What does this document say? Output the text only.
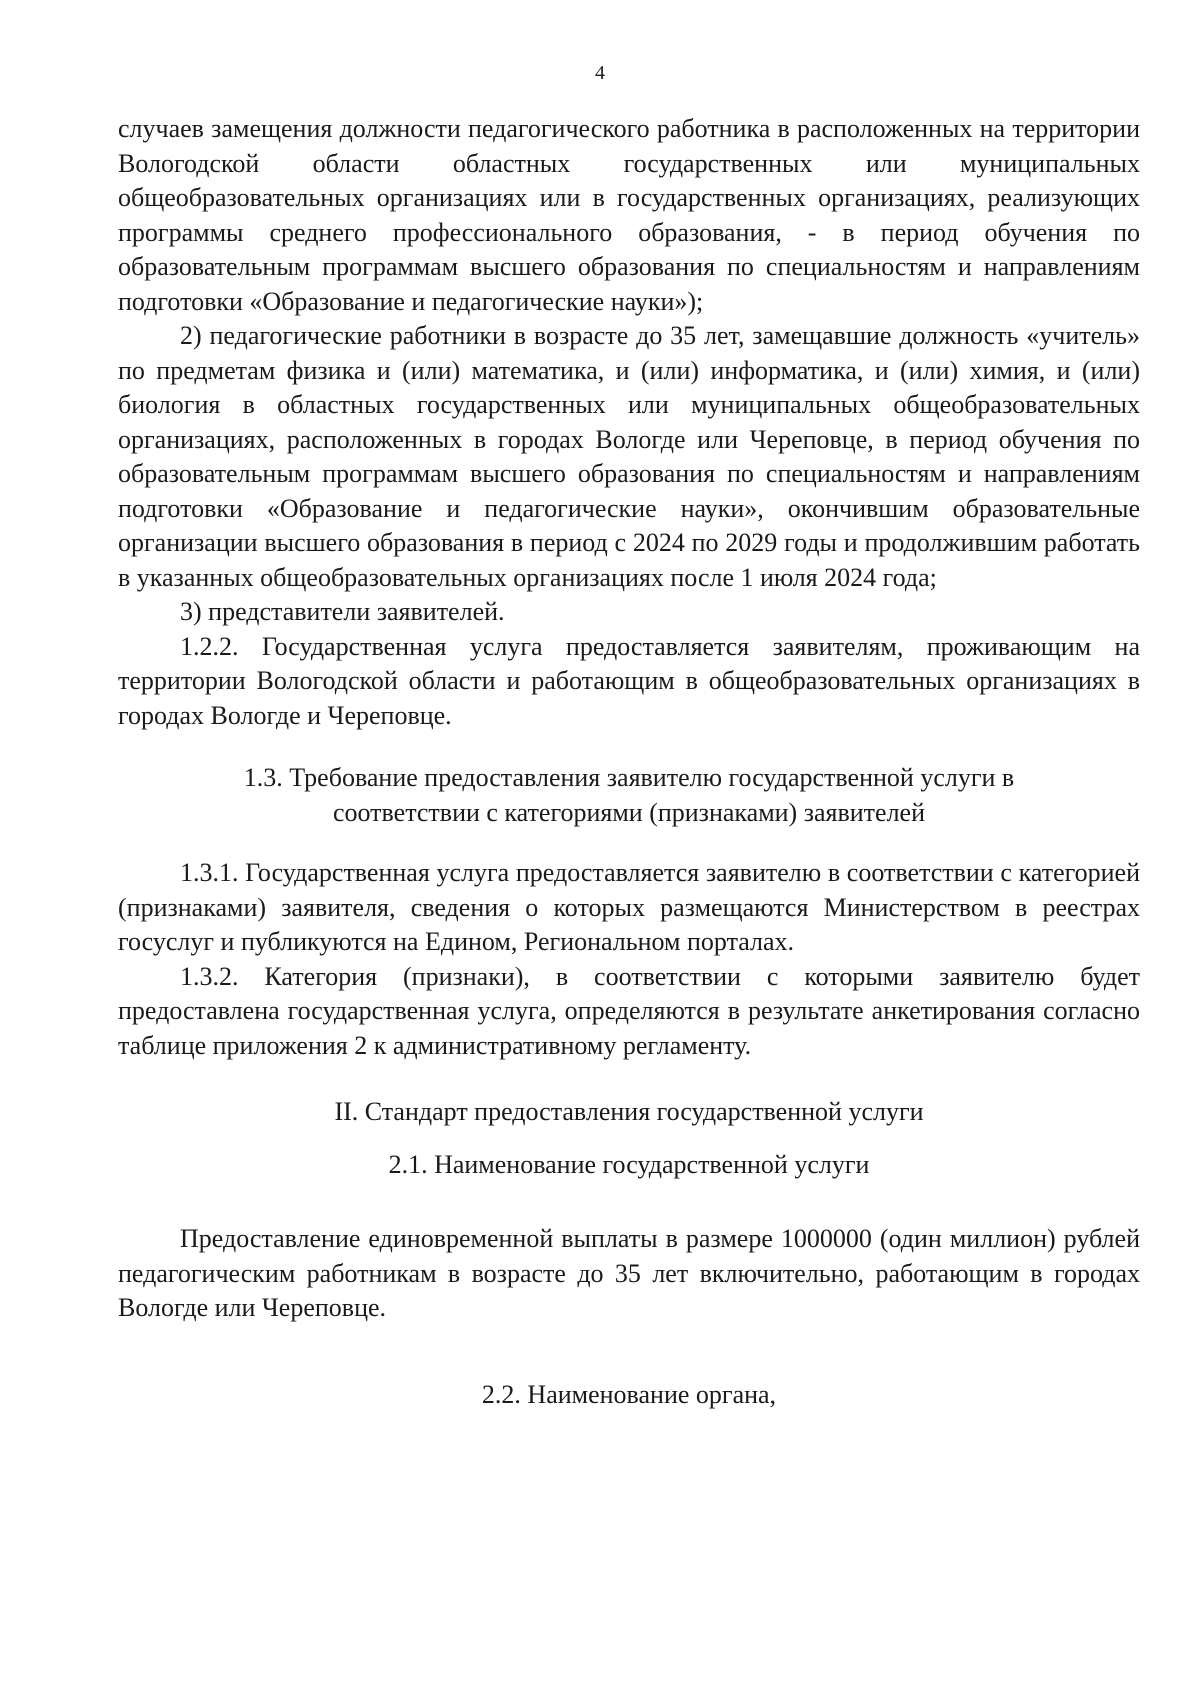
4

случаев замещения должности педагогического работника в расположенных на территории Вологодской области областных государственных или муниципальных общеобразовательных организациях или в государственных организациях, реализующих программы среднего профессионального образования, - в период обучения по образовательным программам высшего образования по специальностям и направлениям подготовки «Образование и педагогические науки»);

2) педагогические работники в возрасте до 35 лет, замещавшие должность «учитель» по предметам физика и (или) математика, и (или) информатика, и (или) химия, и (или) биология в областных государственных или муниципальных общеобразовательных организациях, расположенных в городах Вологде или Череповце, в период обучения по образовательным программам высшего образования по специальностям и направлениям подготовки «Образование и педагогические науки», окончившим образовательные организации высшего образования в период с 2024 по 2029 годы и продолжившим работать в указанных общеобразовательных организациях после 1 июля 2024 года;

3) представители заявителей.

1.2.2. Государственная услуга предоставляется заявителям, проживающим на территории Вологодской области и работающим в общеобразовательных организациях в городах Вологде и Череповце.

1.3. Требование предоставления заявителю государственной услуги в
соответствии с категориями (признаками) заявителей

1.3.1. Государственная услуга предоставляется заявителю в соответствии с категорией (признаками) заявителя, сведения о которых размещаются Министерством в реестрах госуслуг и публикуются на Едином, Региональном порталах.

1.3.2. Категория (признаки), в соответствии с которыми заявителю будет предоставлена государственная услуга, определяются в результате анкетирования согласно таблице приложения 2 к административному регламенту.

II. Стандарт предоставления государственной услуги
2.1. Наименование государственной услуги

Предоставление единовременной выплаты в размере 1000000 (один миллион) рублей педагогическим работникам в возрасте до 35 лет включительно, работающим в городах Вологде или Череповце.

2.2. Наименование органа,
